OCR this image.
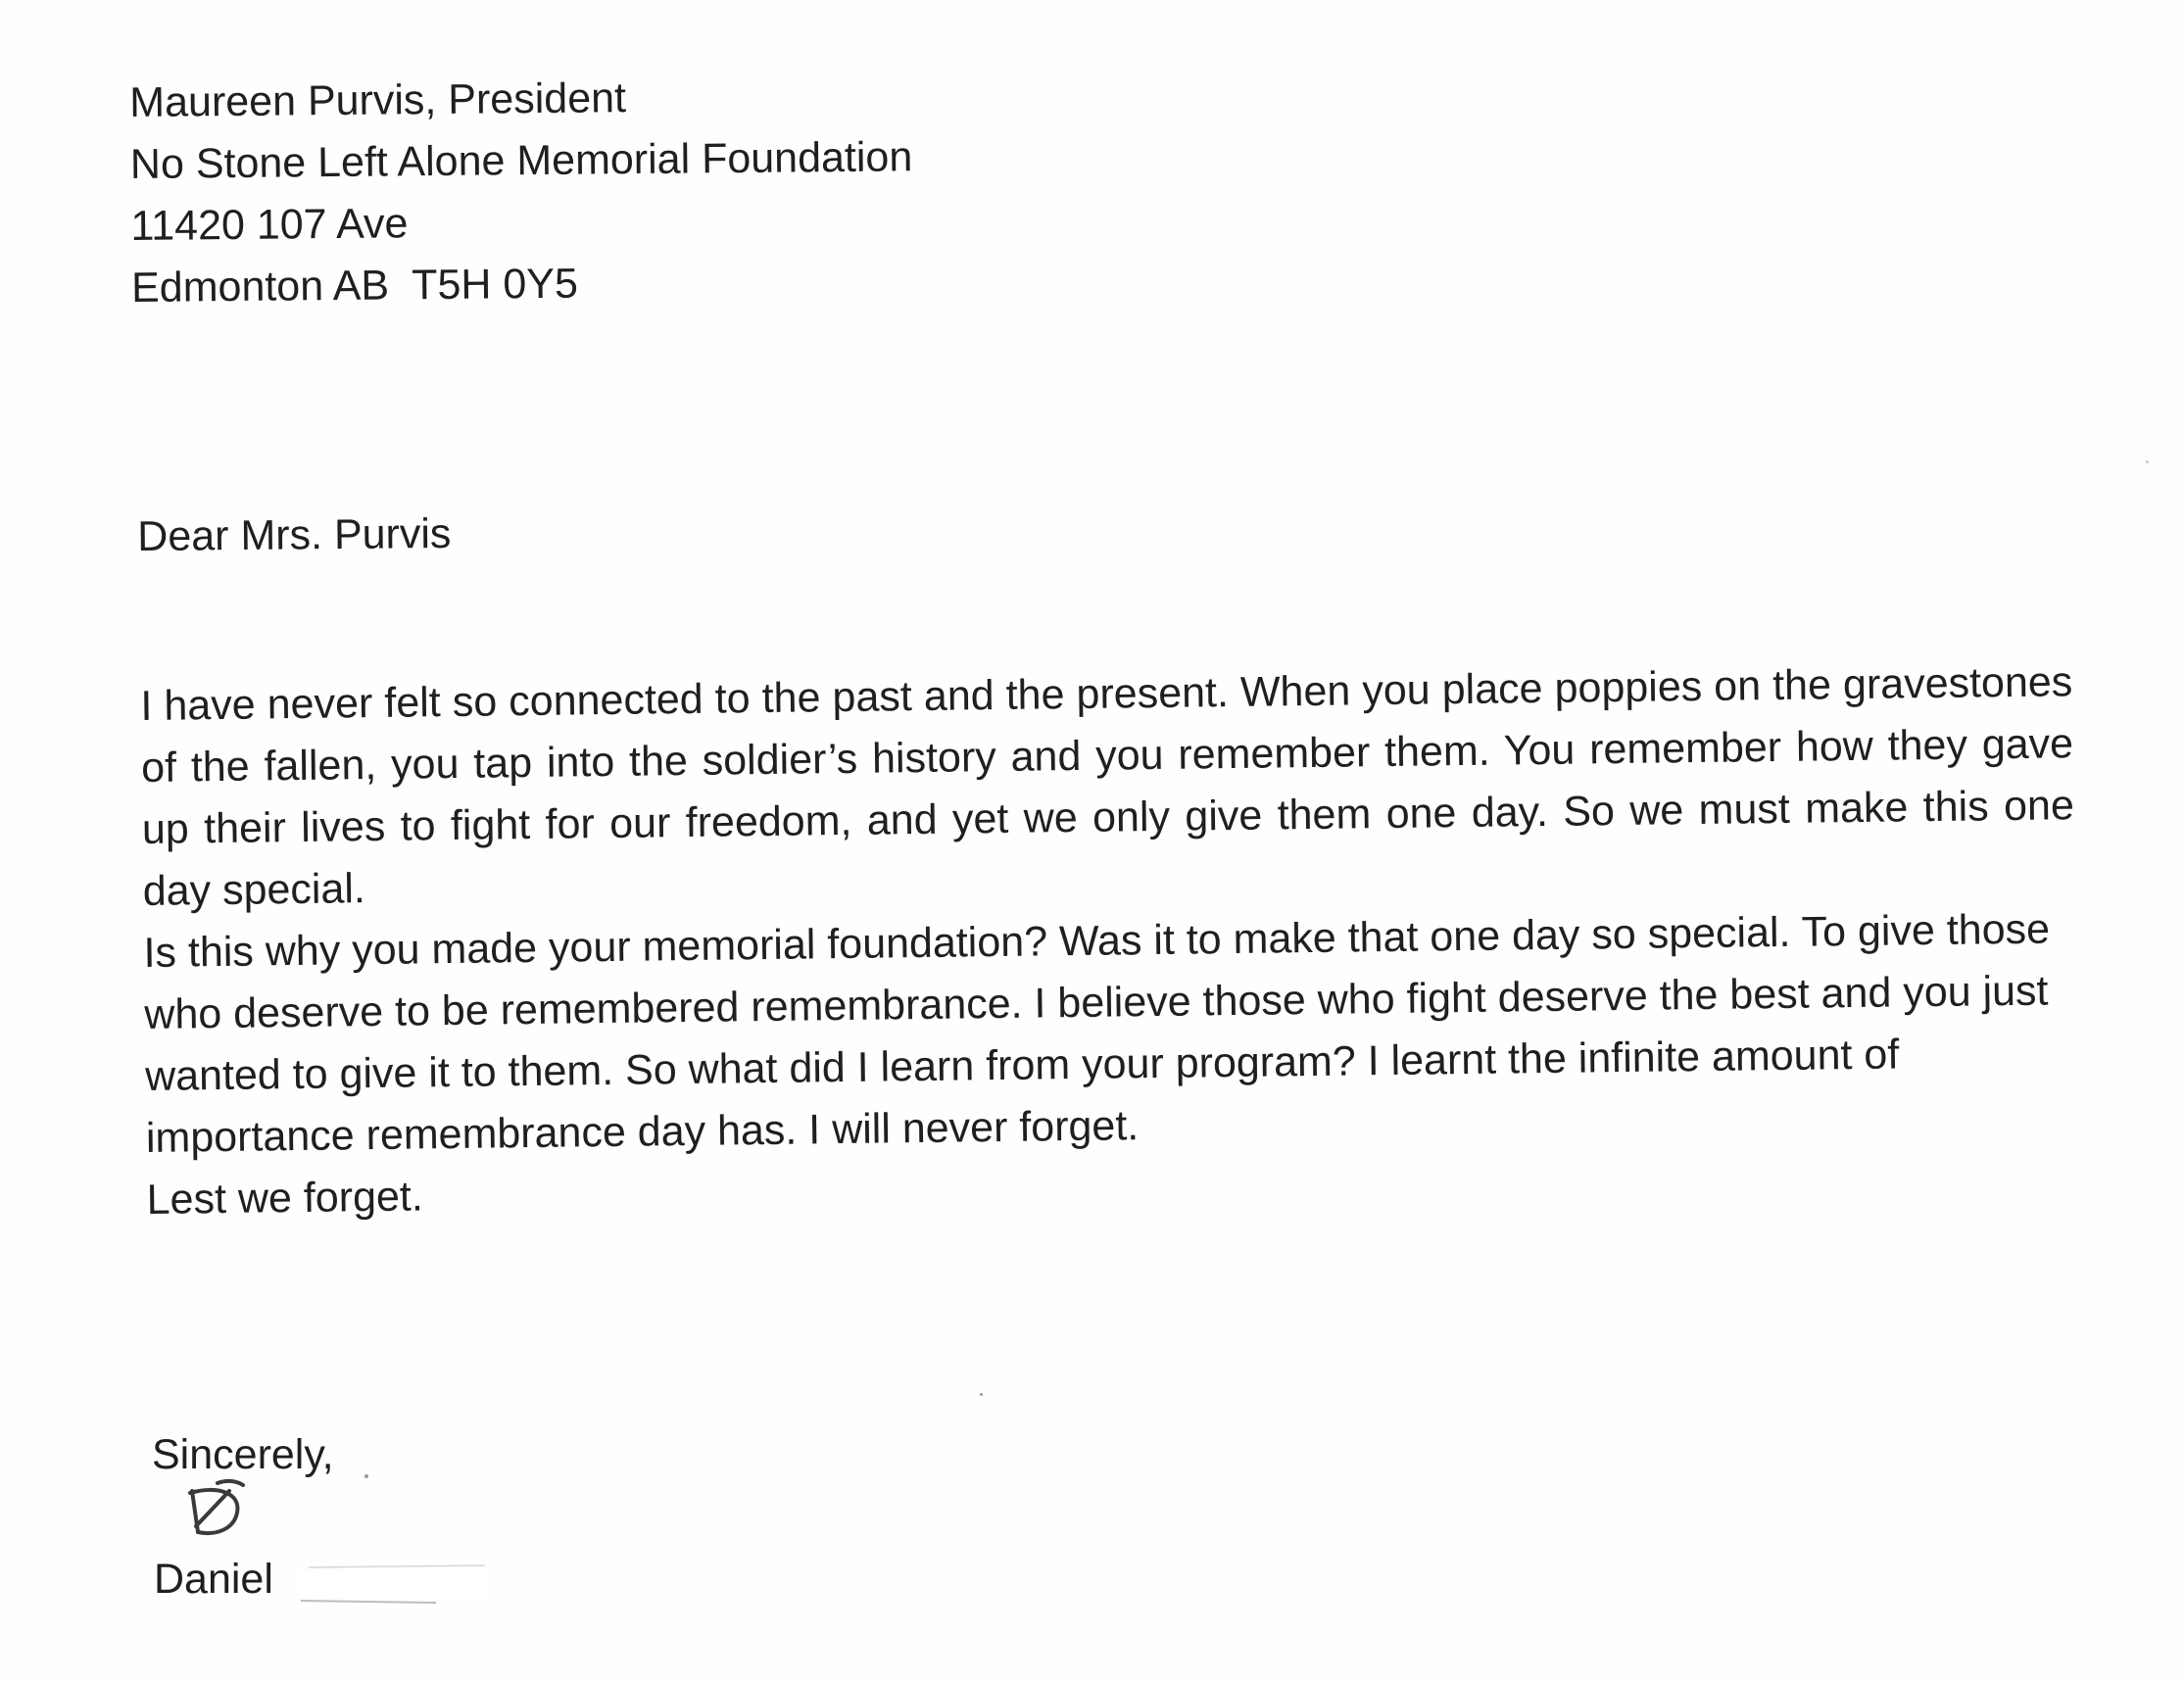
Maureen Purvis, President
No Stone Left Alone Memorial Foundation
11420 107 Ave
Edmonton AB  T5H 0Y5
Dear Mrs. Purvis

I have never felt so connected to the past and the present. When you place poppies on the gravestones of the fallen, you tap into the soldier’s history and you remember them. You remember how they gave up their lives to fight for our freedom, and yet we only give them one day. So we must make this one day special.

Is this why you made your memorial foundation? Was it to make that one day so special. To give those who deserve to be remembered remembrance. I believe those who fight deserve the best and you just wanted to give it to them. So what did I learn from your program? I learnt the infinite amount of importance remembrance day has. I will never forget.

Lest we forget.

Sincerely,
Daniel
